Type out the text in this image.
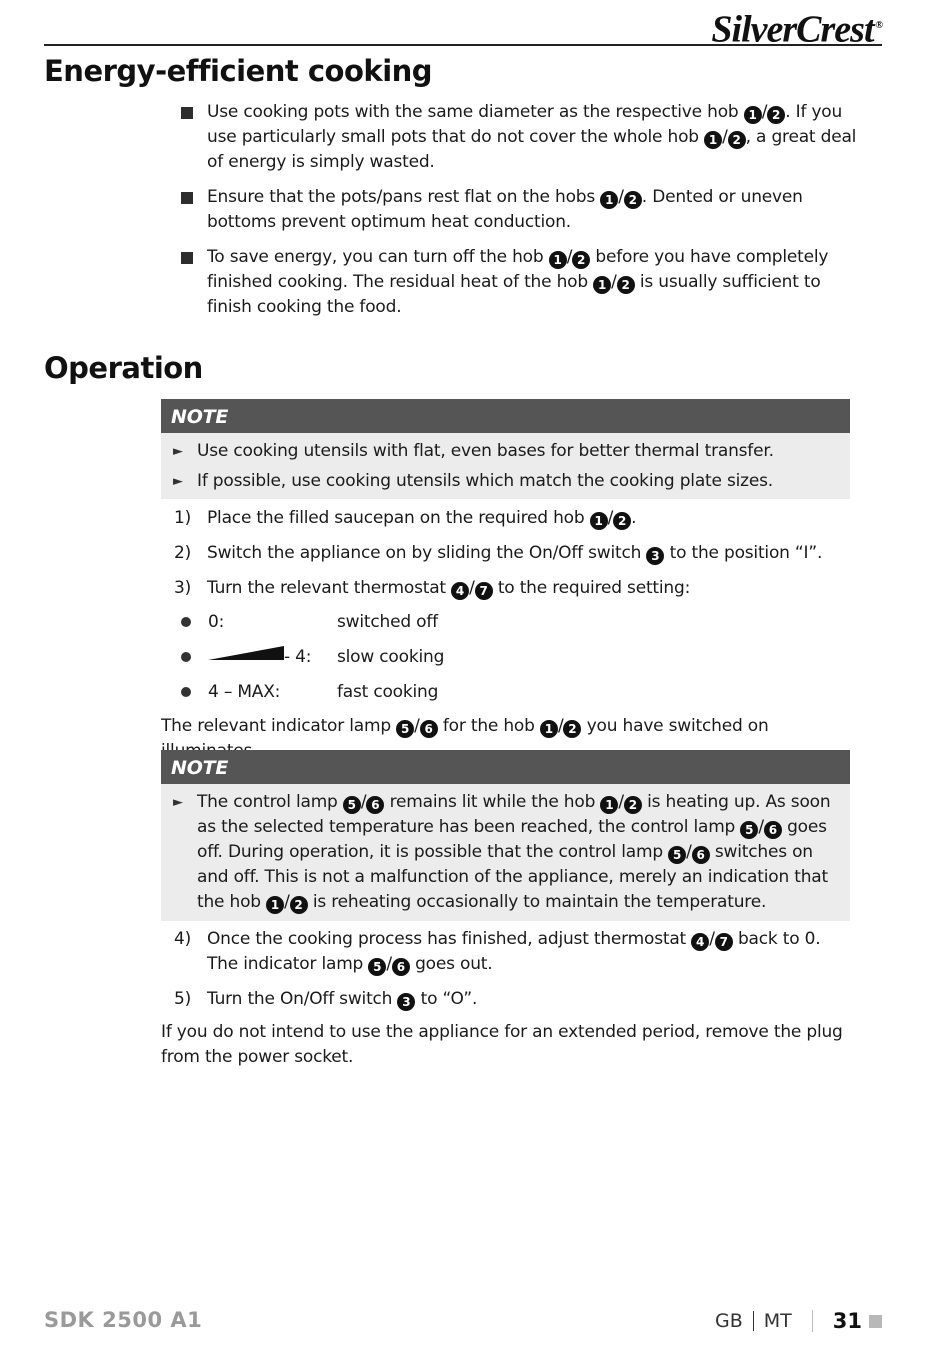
SilverCrest ®
Energy-efficient cooking
Use cooking pots with the same diameter as the respective hob 1 / 2 . If you use particularly small pots that do not cover the whole hob 1 / 2 , a great deal of energy is simply wasted.
Ensure that the pots/pans rest flat on the hobs 1 / 2 . Dented or uneven bottoms prevent optimum heat conduction.
To save energy, you can turn off the hob 1 / 2 before you have completely finished cooking. The residual heat of the hob 1 / 2 is usually sufficient to finish cooking the food.
Operation
NOTE
► Use cooking utensils with flat, even bases for better thermal transfer.
► If possible, use cooking utensils which match the cooking plate sizes.
1) Place the filled saucepan on the required hob 1 / 2 .
2) Switch the appliance on by sliding the On/Off switch 3 to the position “I”.
3) Turn the relevant thermostat 4 / 7 to the required setting:
0:	switched off
- 4: slow cooking
4 – MAX:	fast cooking
The relevant indicator lamp 5 / 6 for the hob 1 / 2 you have switched on
NOTE
► The control lamp 5 / 6 remains lit while the hob 1 / 2 is heating up. As soon as the selected temperature has been reached, the control lamp 5 / 6 goes off. During operation, it is possible that the control lamp 5 / 6 switches on and off. This is not a malfunction of the appliance, merely an indication that the hob 1 / 2 is reheating occasionally to maintain the temperature.
4) Once the cooking process has finished, adjust thermostat 4 / 7 back to 0.
The indicator lamp 5 / 6 goes out.
5) Turn the On/Off switch 3 to “O”.
If you do not intend to use the appliance for an extended period, remove the plug from the power socket.
SDK 2500 A1	GB MT 31
